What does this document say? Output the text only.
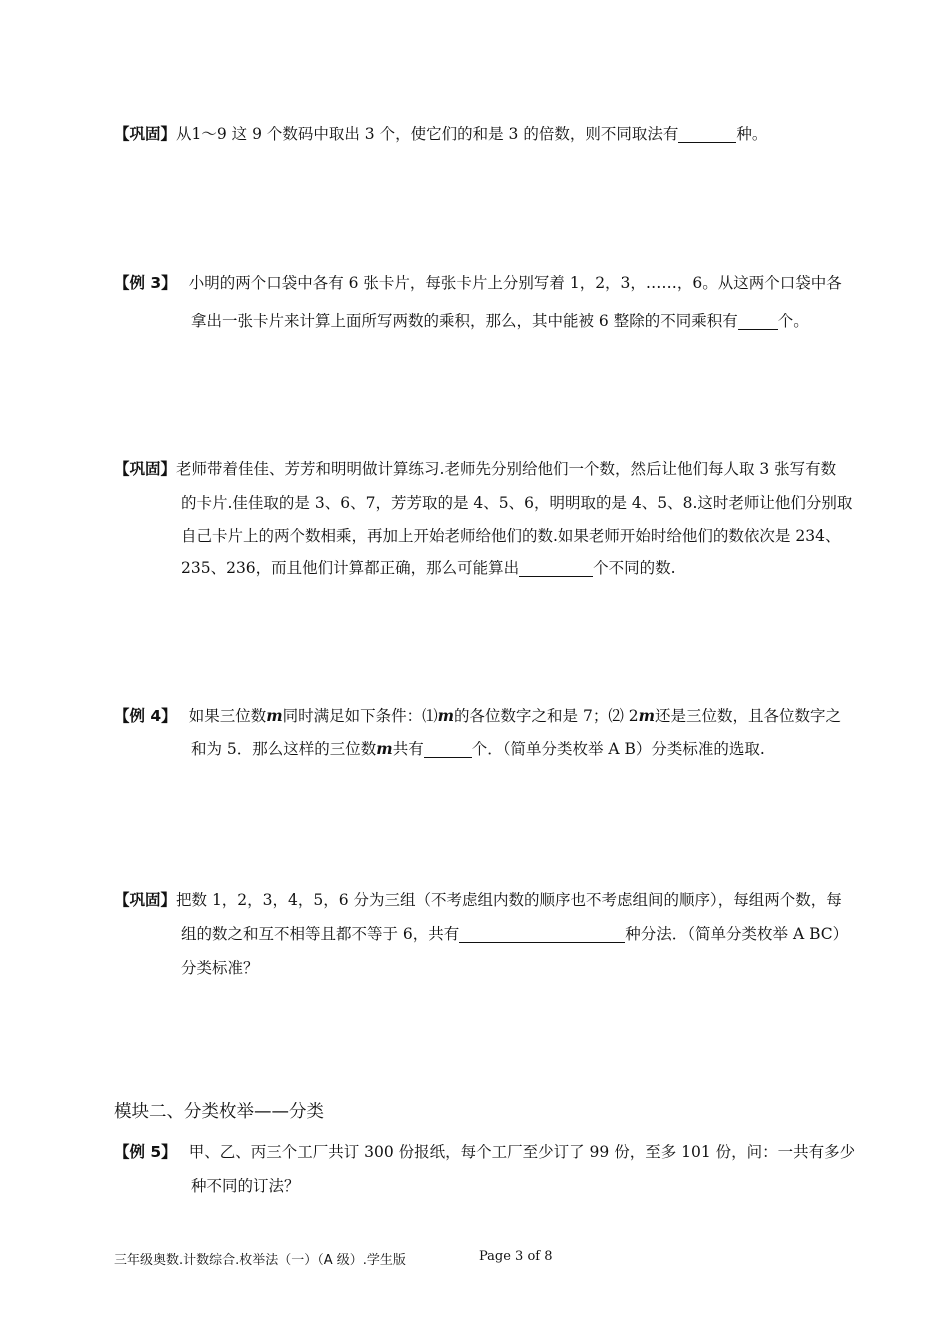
【巩固】从1～9 这 9 个数码中取出 3 个，使它们的和是 3 的倍数，则不同取法有	种。
【例 3】 小明的两个口袋中各有 6 张卡片，每张卡片上分别写着 1，2，3，……，6。从这两个口袋中各
拿出一张卡片来计算上面所写两数的乘积，那么，其中能被 6 整除的不同乘积有	个。
【巩固】老师带着佳佳、芳芳和明明做计算练习.老师先分别给他们一个数，然后让他们每人取 3 张写有数
的卡片.佳佳取的是 3、6、7，芳芳取的是 4、5、6，明明取的是 4、5、8.这时老师让他们分别取
自己卡片上的两个数相乘，再加上开始老师给他们的数.如果老师开始时给他们的数依次是 234、
235、236，而且他们计算都正确，那么可能算出	个不同的数.
【例 4】 如果三位数m同时满足如下条件：⑴m的各位数字之和是 7；⑵ 2m还是三位数，且各位数字之
和为 5．那么这样的三位数m共有	个．（简单分类枚举 A B）分类标准的选取.
【巩固】把数 1，2，3，4，5，6 分为三组（不考虑组内数的顺序也不考虑组间的顺序），每组两个数，每
组的数之和互不相等且都不等于 6，共有	种分法．（简单分类枚举 A BC）
分类标准？
模块二、分类枚举——分类
【例 5】 甲、乙、丙三个工厂共订 300 份报纸，每个工厂至少订了 99 份，至多 101 份，问：一共有多少
种不同的订法？
三年级奥数.计数综合.枚举法（一）（A 级）.学生版	Page 3 of 8
